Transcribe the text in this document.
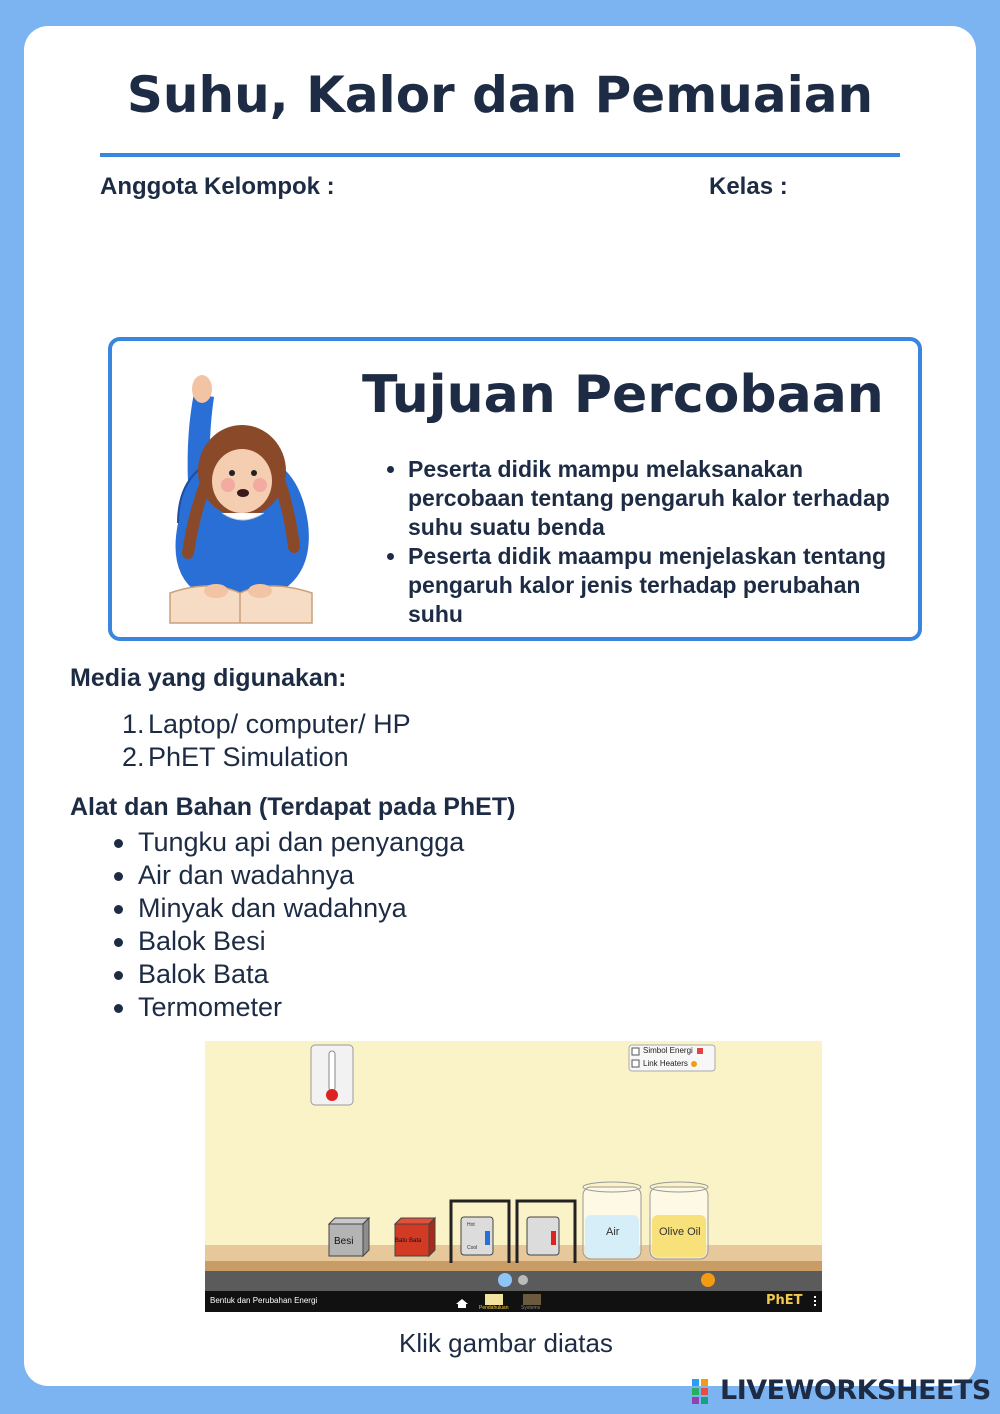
Suhu, Kalor dan Pemuaian
Anggota Kelompok :	Kelas :
Tujuan Percobaan
• Peserta didik mampu melaksanakan percobaan tentang pengaruh kalor terhadap suhu suatu benda
• Peserta didik maampu menjelaskan tentang pengaruh kalor jenis terhadap perubahan suhu
Media yang digunakan:
1. Laptop/ computer/ HP
2. PhET Simulation
Alat dan Bahan (Terdapat pada PhET)
Tungku api dan penyangga
Air dan wadahnya
Minyak dan wadahnya
Balok Besi
Balok Bata
Termometer
Simbol Energi
Link Heaters
Besi	Batu Bata
Hot
Cool
Air	Olive Oil
Bentuk dan Perubahan Energi
Pendahuluan	Systems	PhET
Klik gambar diatas
LIVEWORKSHEETS
